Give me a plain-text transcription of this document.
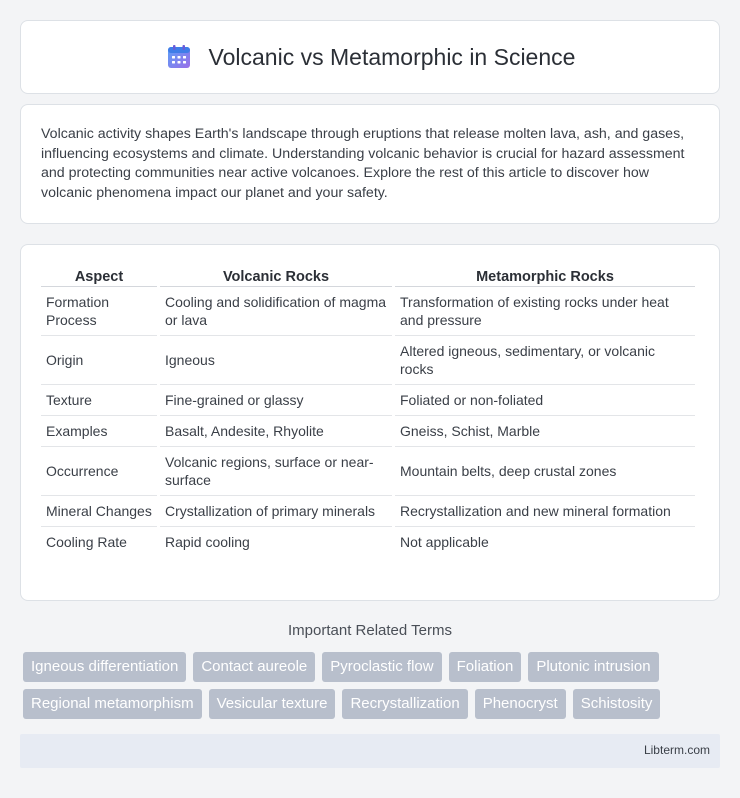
Volcanic vs Metamorphic in Science

Volcanic activity shapes Earth's landscape through eruptions that release molten lava, ash, and gases, influencing ecosystems and climate. Understanding volcanic behavior is crucial for hazard assessment and protecting communities near active volcanoes. Explore the rest of this article to discover how volcanic phenomena impact our planet and your safety.

Aspect	Volcanic Rocks	Metamorphic Rocks
Formation Process	Cooling and solidification of magma or lava	Transformation of existing rocks under heat and pressure
Origin	Igneous	Altered igneous, sedimentary, or volcanic rocks
Texture	Fine-grained or glassy	Foliated or non-foliated
Examples	Basalt, Andesite, Rhyolite	Gneiss, Schist, Marble
Occurrence	Volcanic regions, surface or near-surface	Mountain belts, deep crustal zones
Mineral Changes	Crystallization of primary minerals	Recrystallization and new mineral formation
Cooling Rate	Rapid cooling	Not applicable
Important Related Terms
Igneous differentiation	Contact aureole	Pyroclastic flow	Foliation	Plutonic intrusion
Regional metamorphism	Vesicular texture	Recrystallization	Phenocryst	Schistosity
Libterm.com
